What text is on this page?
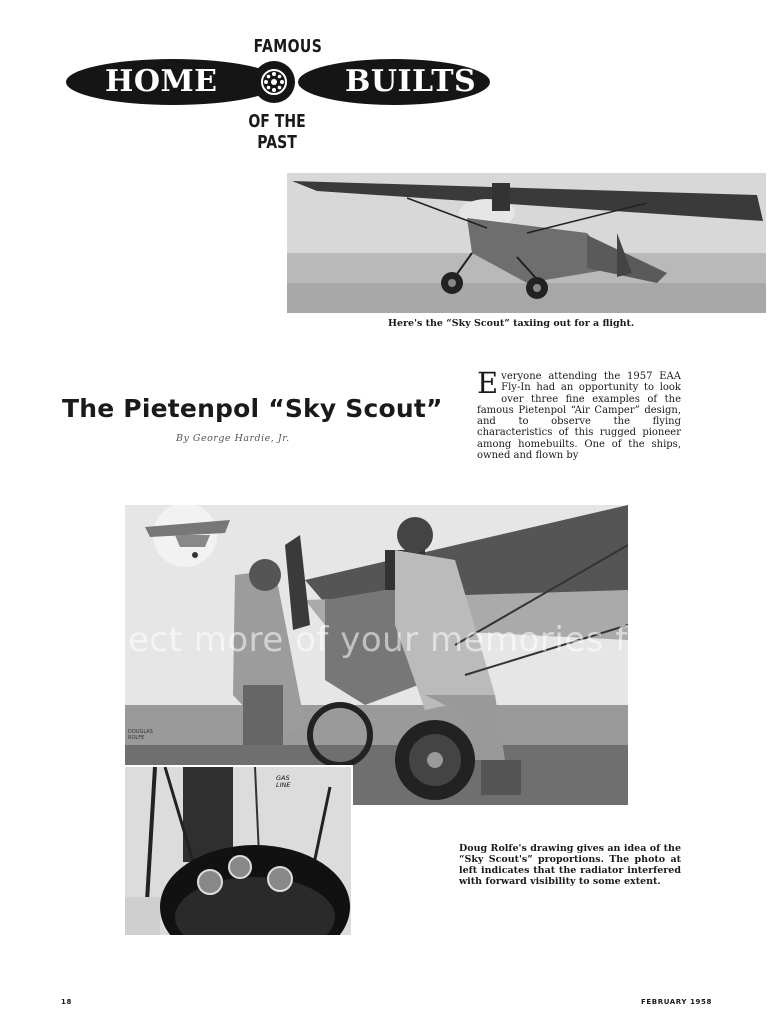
FAMOUS
HOME	BUILTS
OF THE PAST
Here's the “Sky Scout” taxiing out for a flight.
The Pietenpol “Sky Scout”
By George Hardie, Jr.
Everyone attending the 1957 EAA Fly-In had an opportunity to look over three fine examples of the famous Pietenpol “Air Camper” design, and to observe the flying characteristics of this rugged pioneer among homebuilts. One of the ships, owned and flown by
DOUGLAS ROLFE
ect more of your memories for
GAS LINE
Doug Rolfe's drawing gives an idea of the “Sky Scout's” proportions. The photo at left indicates that the radiator interfered with forward visibility to some extent.
18	FEBRUARY 1958
